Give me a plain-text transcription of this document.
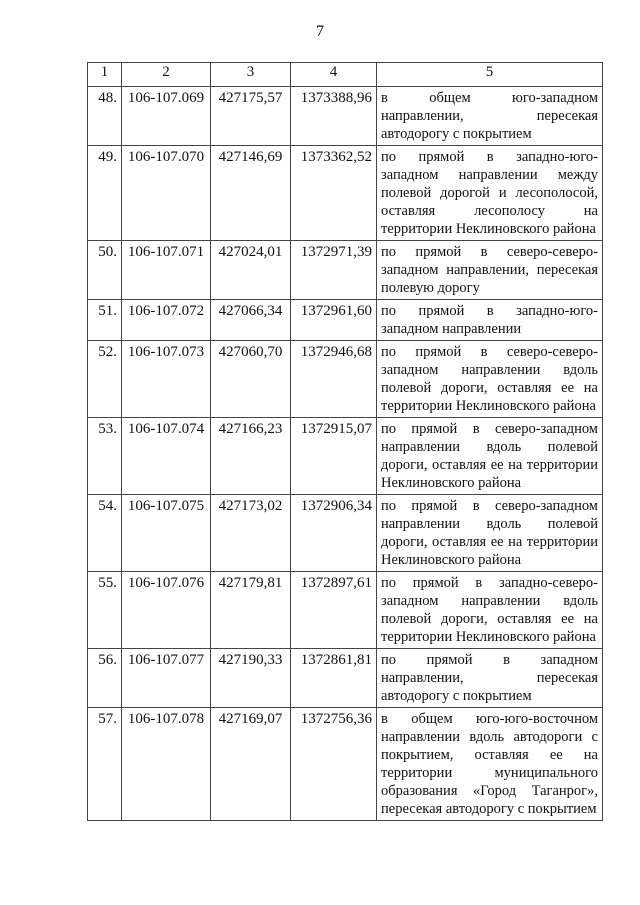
7
1	2	3	4	5
48.	106-107.069	427175,57	1373388,96	в общем юго-западном направлении, пересекая автодорогу с покрытием
49.	106-107.070	427146,69	1373362,52	по прямой в западно-юго-западном направлении между полевой дорогой и лесополосой, оставляя лесополосу на территории Неклиновского района
50.	106-107.071	427024,01	1372971,39	по прямой в северо-северо-западном направлении, пересекая полевую дорогу
51.	106-107.072	427066,34	1372961,60	по прямой в западно-юго-западном направлении
52.	106-107.073	427060,70	1372946,68	по прямой в северо-северо-западном направлении вдоль полевой дороги, оставляя ее на территории Неклиновского района
53.	106-107.074	427166,23	1372915,07	по прямой в северо-западном направлении вдоль полевой дороги, оставляя ее на территории Неклиновского района
54.	106-107.075	427173,02	1372906,34	по прямой в северо-западном направлении вдоль полевой дороги, оставляя ее на территории Неклиновского района
55.	106-107.076	427179,81	1372897,61	по прямой в западно-северо-западном направлении вдоль полевой дороги, оставляя ее на территории Неклиновского района
56.	106-107.077	427190,33	1372861,81	по прямой в западном направлении, пересекая автодорогу с покрытием
57.	106-107.078	427169,07	1372756,36	в общем юго-юго-восточном направлении вдоль автодороги с покрытием, оставляя ее на территории муниципального образования «Город Таганрог», пересекая автодорогу с покрытием
